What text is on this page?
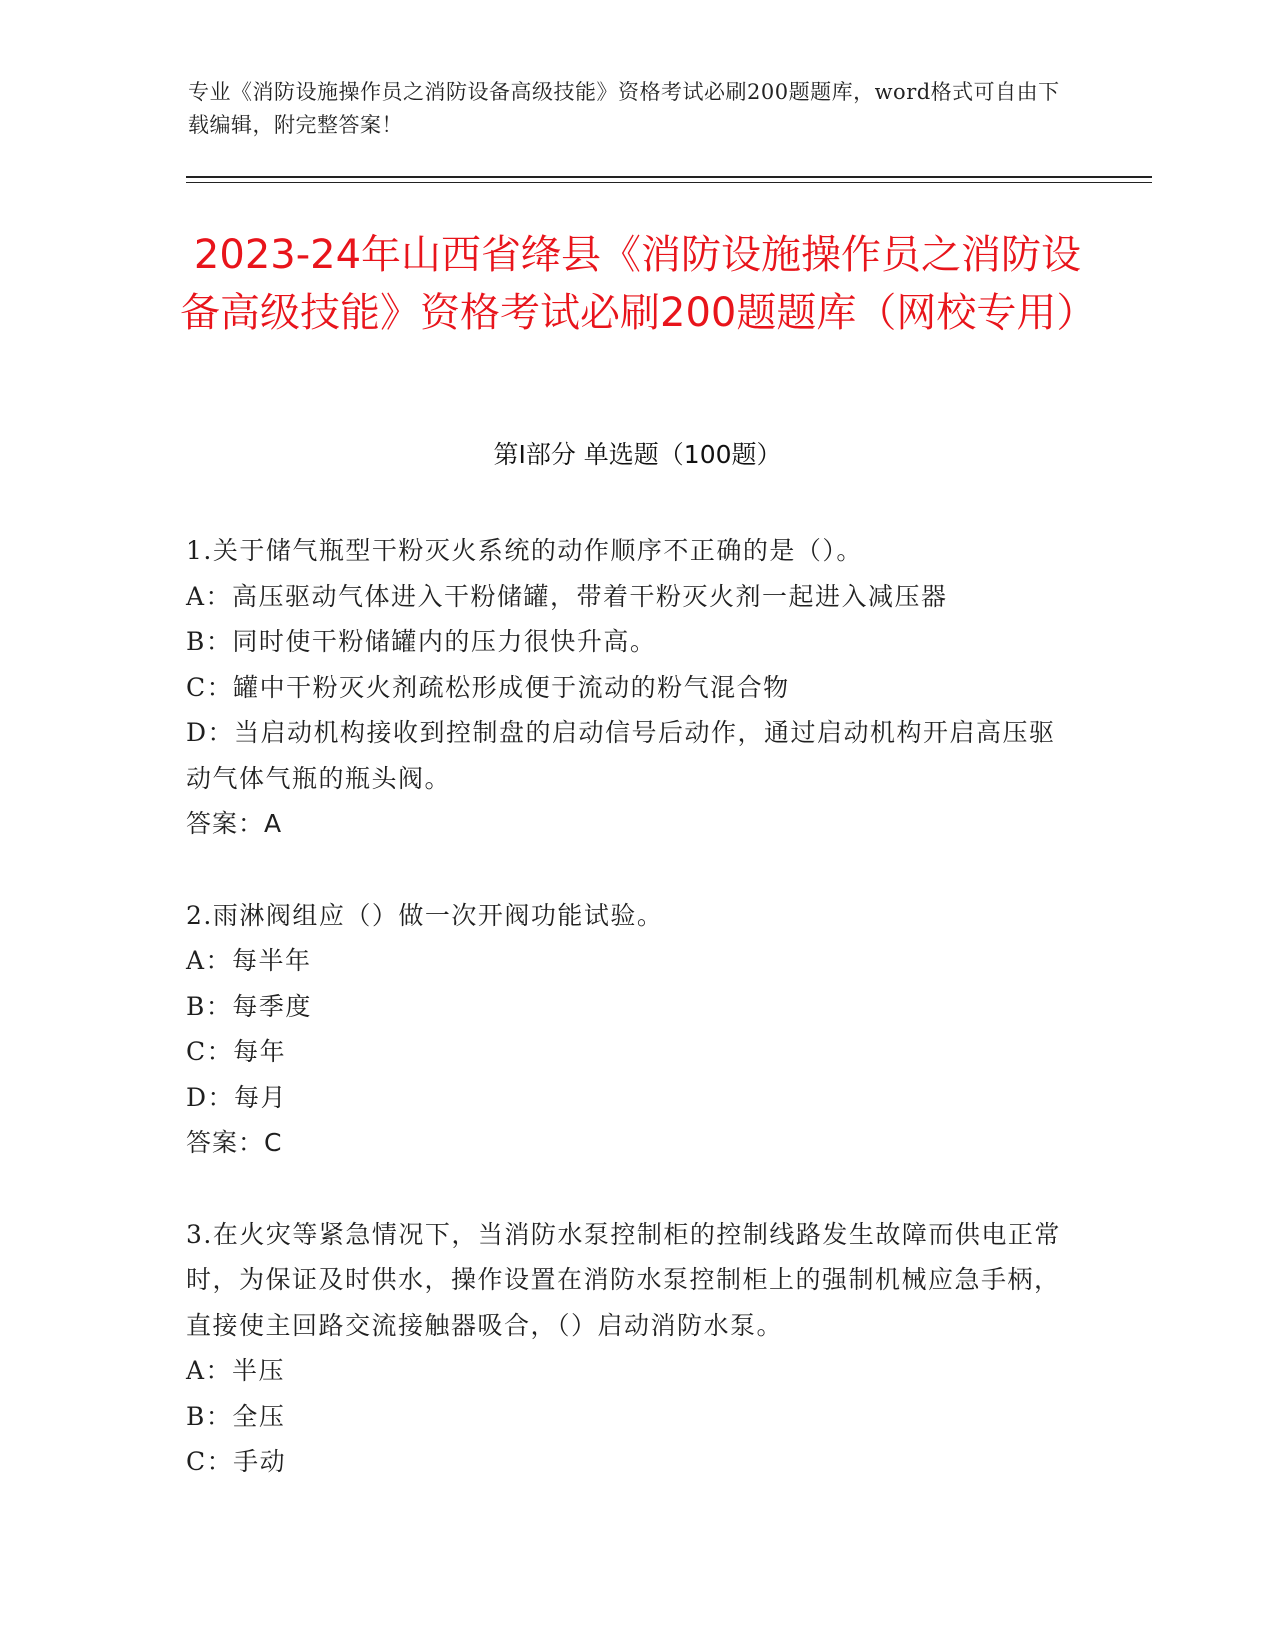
专业《消防设施操作员之消防设备高级技能》资格考试必刷200题题库，word格式可自由下载编辑，附完整答案！
2023-24年山西省绛县《消防设施操作员之消防设备高级技能》资格考试必刷200题题库（网校专用）
第I部分 单选题（100题）
1.关于储气瓶型干粉灭火系统的动作顺序不正确的是（）。
A：高压驱动气体进入干粉储罐，带着干粉灭火剂一起进入减压器
B：同时使干粉储罐内的压力很快升高。
C：罐中干粉灭火剂疏松形成便于流动的粉气混合物
D：当启动机构接收到控制盘的启动信号后动作，通过启动机构开启高压驱动气体气瓶的瓶头阀。
答案：A
2.雨淋阀组应（）做一次开阀功能试验。
A：每半年
B：每季度
C：每年
D：每月
答案：C
3.在火灾等紧急情况下，当消防水泵控制柜的控制线路发生故障而供电正常时，为保证及时供水，操作设置在消防水泵控制柜上的强制机械应急手柄，直接使主回路交流接触器吸合，（）启动消防水泵。
A：半压
B：全压
C：手动
